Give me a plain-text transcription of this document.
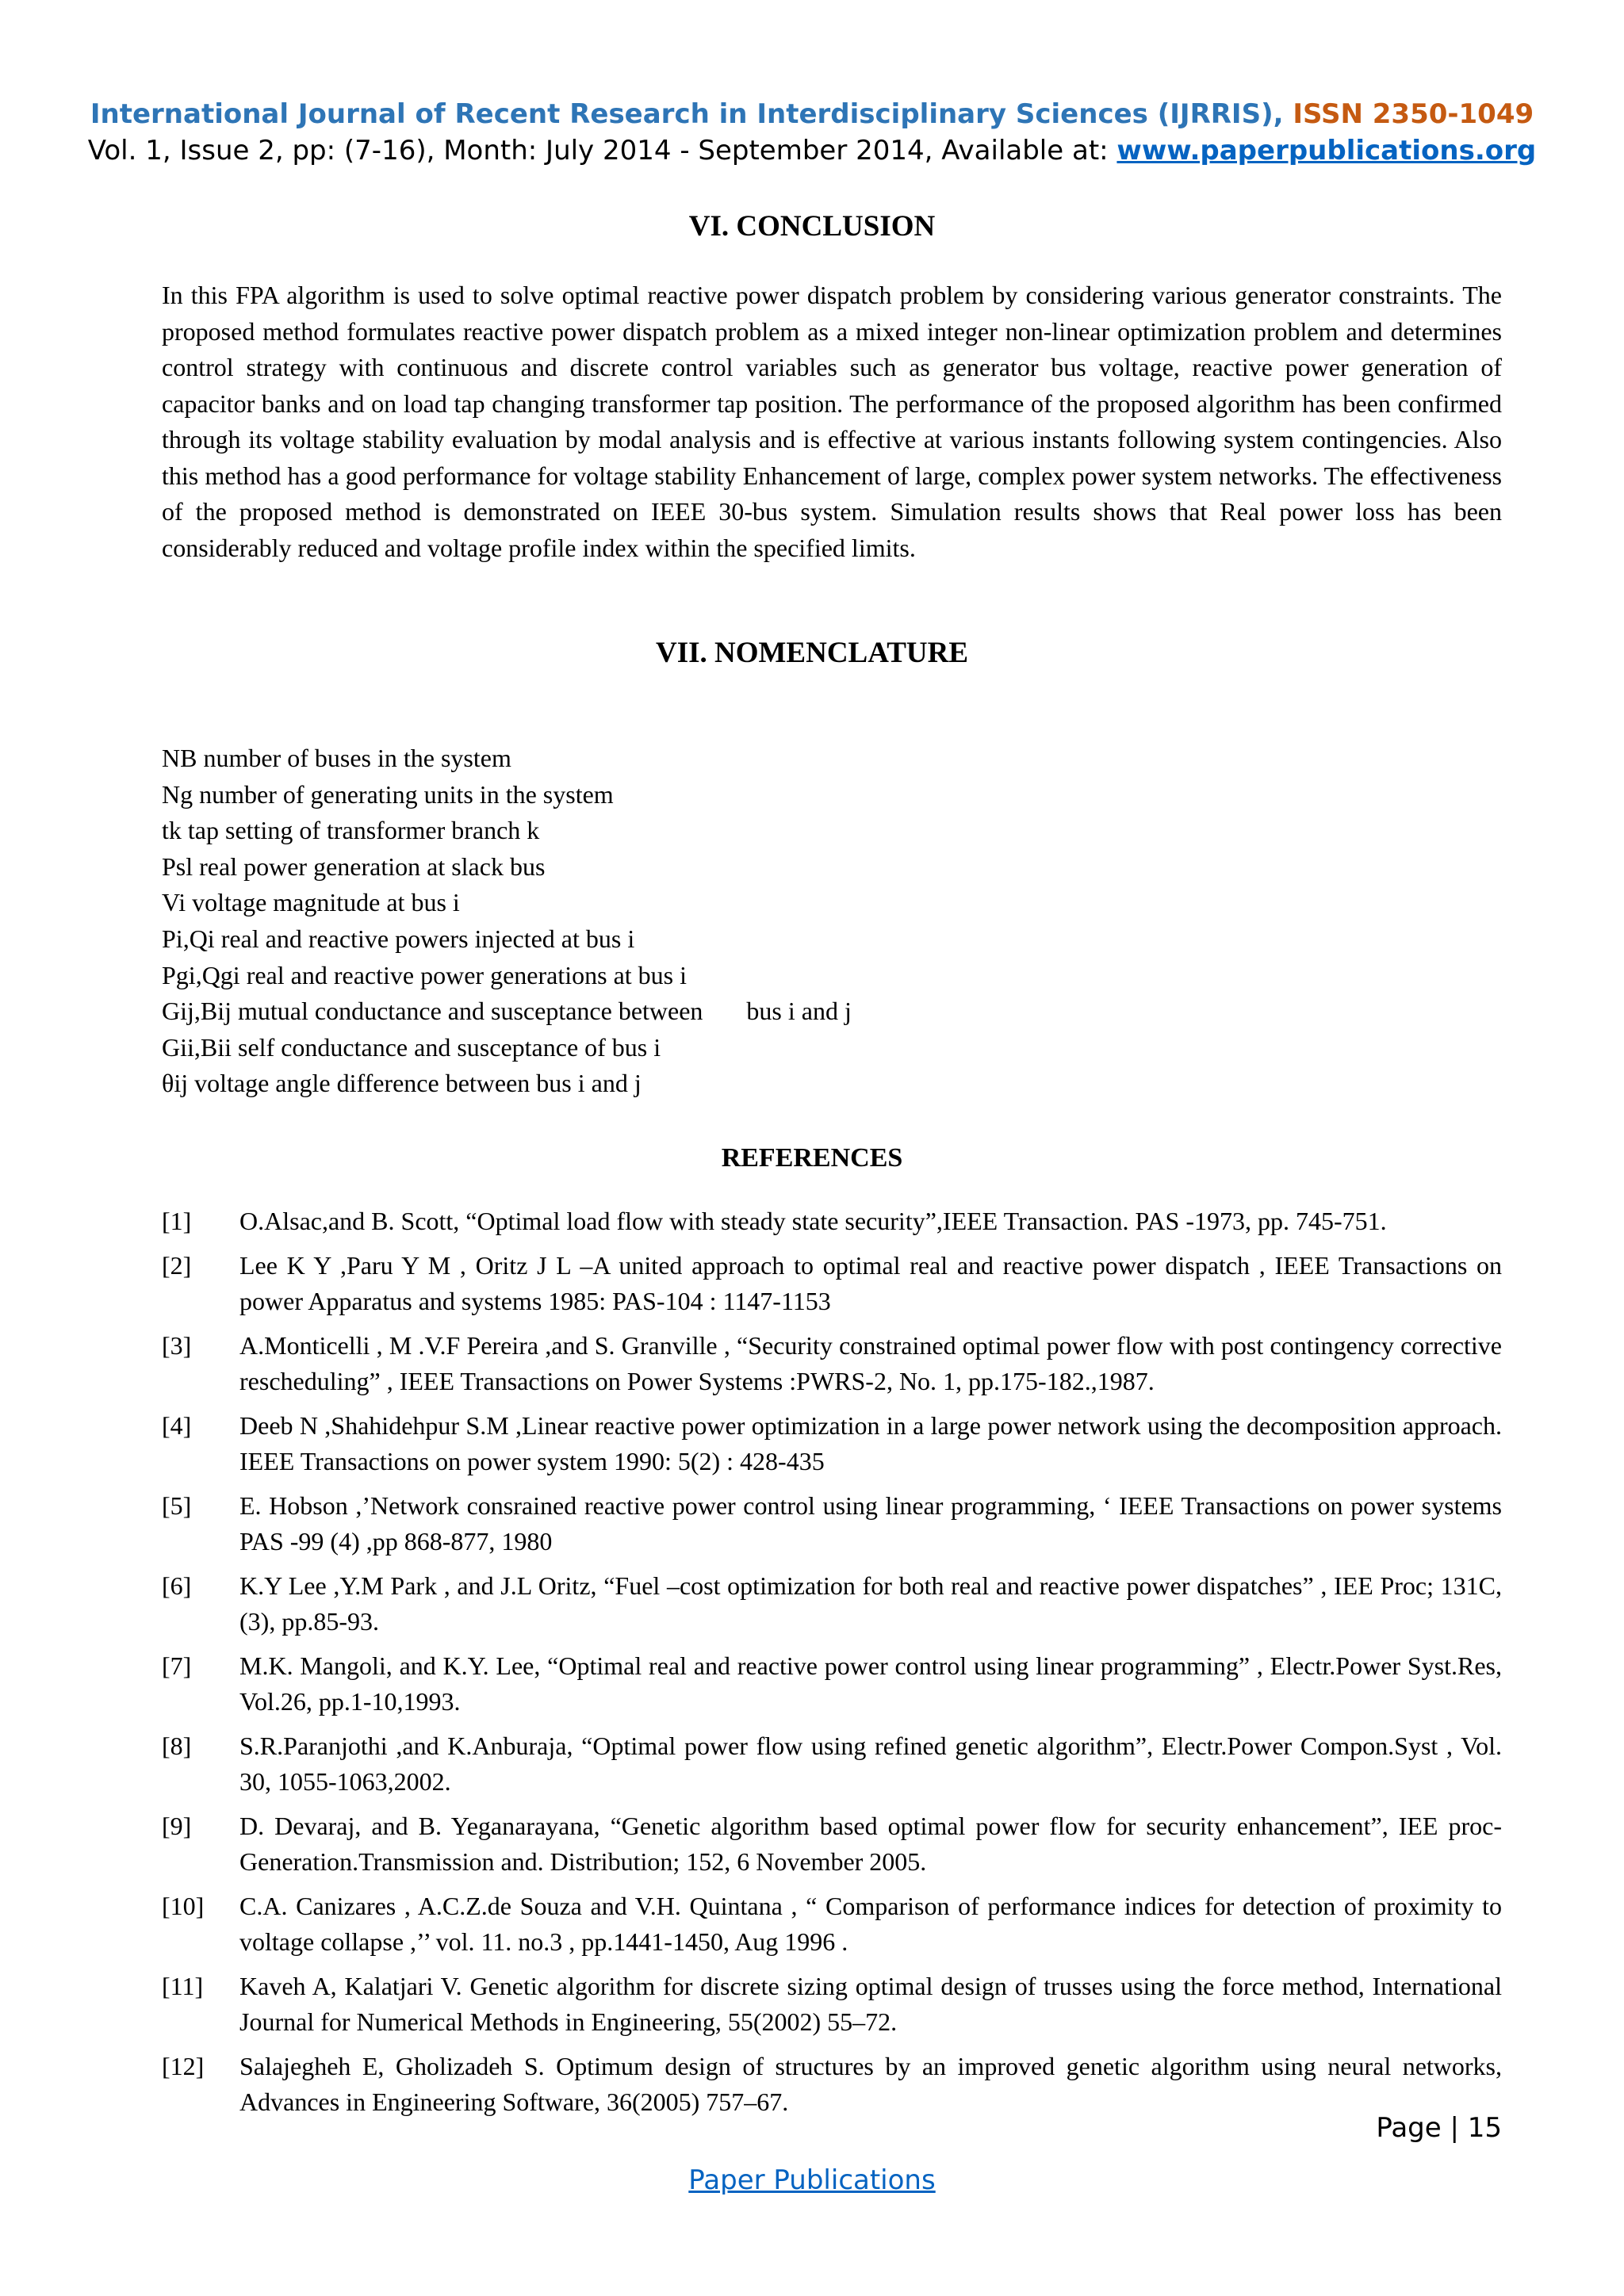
International Journal of Recent Research in Interdisciplinary Sciences (IJRRIS), ISSN 2350-1049
Vol. 1, Issue 2, pp: (7-16), Month: July 2014 - September 2014, Available at: www.paperpublications.org
VI. CONCLUSION
In this FPA algorithm is used to solve optimal reactive power dispatch problem by considering various generator constraints. The proposed method formulates reactive power dispatch problem as a mixed integer non-linear optimization problem and determines control strategy with continuous and discrete control variables such as generator bus voltage, reactive power generation of capacitor banks and on load tap changing transformer tap position. The performance of the proposed algorithm has been confirmed through its voltage stability evaluation by modal analysis and is effective at various instants following system contingencies. Also this method has a good performance for voltage stability Enhancement of large, complex power system networks. The effectiveness of the proposed method is demonstrated on IEEE 30-bus system. Simulation results shows that Real power loss has been considerably reduced and voltage profile index within the specified limits.
VII. NOMENCLATURE
NB number of buses in the system
Ng number of generating units in the system
tk tap setting of transformer branch k
Psl real power generation at slack bus
Vi voltage magnitude at bus i
Pi,Qi real and reactive powers injected at bus i
Pgi,Qgi real and reactive power generations at bus i
Gij,Bij mutual conductance and susceptance between bus i and j
Gii,Bii self conductance and susceptance of bus i
θij voltage angle difference between bus i and j
REFERENCES
[1] O.Alsac,and B. Scott, “Optimal load flow with steady state security”,IEEE Transaction. PAS -1973, pp. 745-751.
[2] Lee K Y ,Paru Y M , Oritz J L –A united approach to optimal real and reactive power dispatch , IEEE Transactions on power Apparatus and systems 1985: PAS-104 : 1147-1153
[3] A.Monticelli , M .V.F Pereira ,and S. Granville , “Security constrained optimal power flow with post contingency corrective rescheduling” , IEEE Transactions on Power Systems :PWRS-2, No. 1, pp.175-182.,1987.
[4] Deeb N ,Shahidehpur S.M ,Linear reactive power optimization in a large power network using the decomposition approach. IEEE Transactions on power system 1990: 5(2) : 428-435
[5] E. Hobson ,’Network consrained reactive power control using linear programming, ‘ IEEE Transactions on power systems PAS -99 (4) ,pp 868-877, 1980
[6] K.Y Lee ,Y.M Park , and J.L Oritz, “Fuel –cost optimization for both real and reactive power dispatches” , IEE Proc; 131C,(3), pp.85-93.
[7] M.K. Mangoli, and K.Y. Lee, “Optimal real and reactive power control using linear programming” , Electr.Power Syst.Res, Vol.26, pp.1-10,1993.
[8] S.R.Paranjothi ,and K.Anburaja, “Optimal power flow using refined genetic algorithm”, Electr.Power Compon.Syst , Vol. 30, 1055-1063,2002.
[9] D. Devaraj, and B. Yeganarayana, “Genetic algorithm based optimal power flow for security enhancement”, IEE proc-Generation.Transmission and. Distribution; 152, 6 November 2005.
[10] C.A. Canizares , A.C.Z.de Souza and V.H. Quintana , “ Comparison of performance indices for detection of proximity to voltage collapse ,’’ vol. 11. no.3 , pp.1441-1450, Aug 1996 .
[11] Kaveh A, Kalatjari V. Genetic algorithm for discrete sizing optimal design of trusses using the force method, International Journal for Numerical Methods in Engineering, 55(2002) 55–72.
[12] Salajegheh E, Gholizadeh S. Optimum design of structures by an improved genetic algorithm using neural networks, Advances in Engineering Software, 36(2005) 757–67.
Page | 15
Paper Publications
